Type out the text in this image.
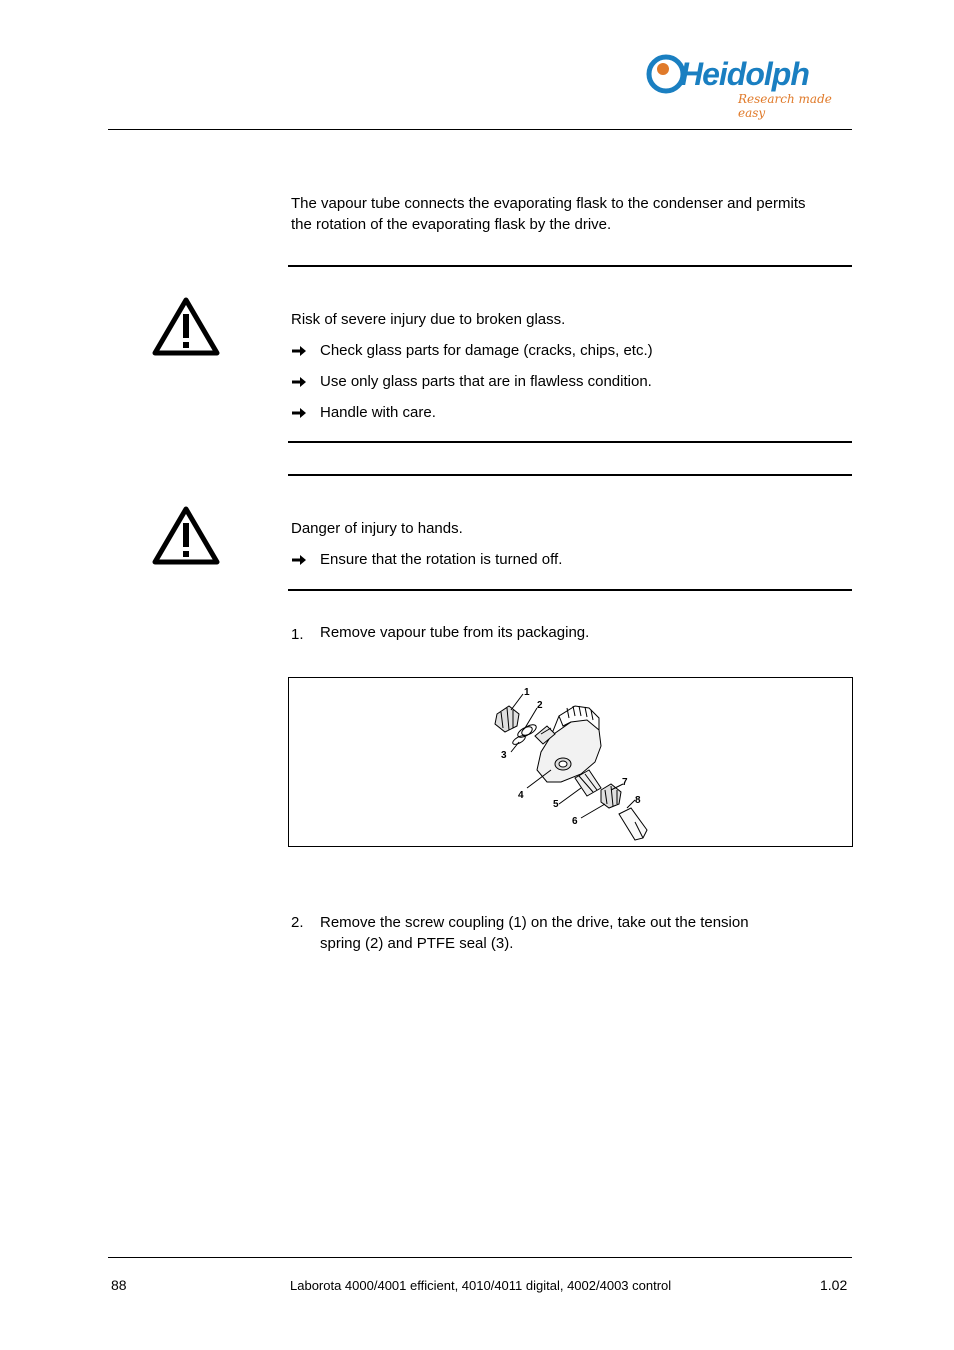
Heidolph
Research made easy
The vapour tube connects the evaporating flask to the condenser and permits
the rotation of the evaporating flask by the drive.
Risk of severe injury due to broken glass.
Check glass parts for damage (cracks, chips, etc.)
Use only glass parts that are in flawless condition.
Handle with care.
Danger of injury to hands.
Ensure that the rotation is turned off.
1. Remove vapour tube from its packaging.
1
2
3
4
5
6
7
8
2. Remove the screw coupling (1) on the drive, take out the tension
spring (2) and PTFE seal (3).
88	Laborota 4000/4001 efficient, 4010/4011 digital, 4002/4003 control	1.02
